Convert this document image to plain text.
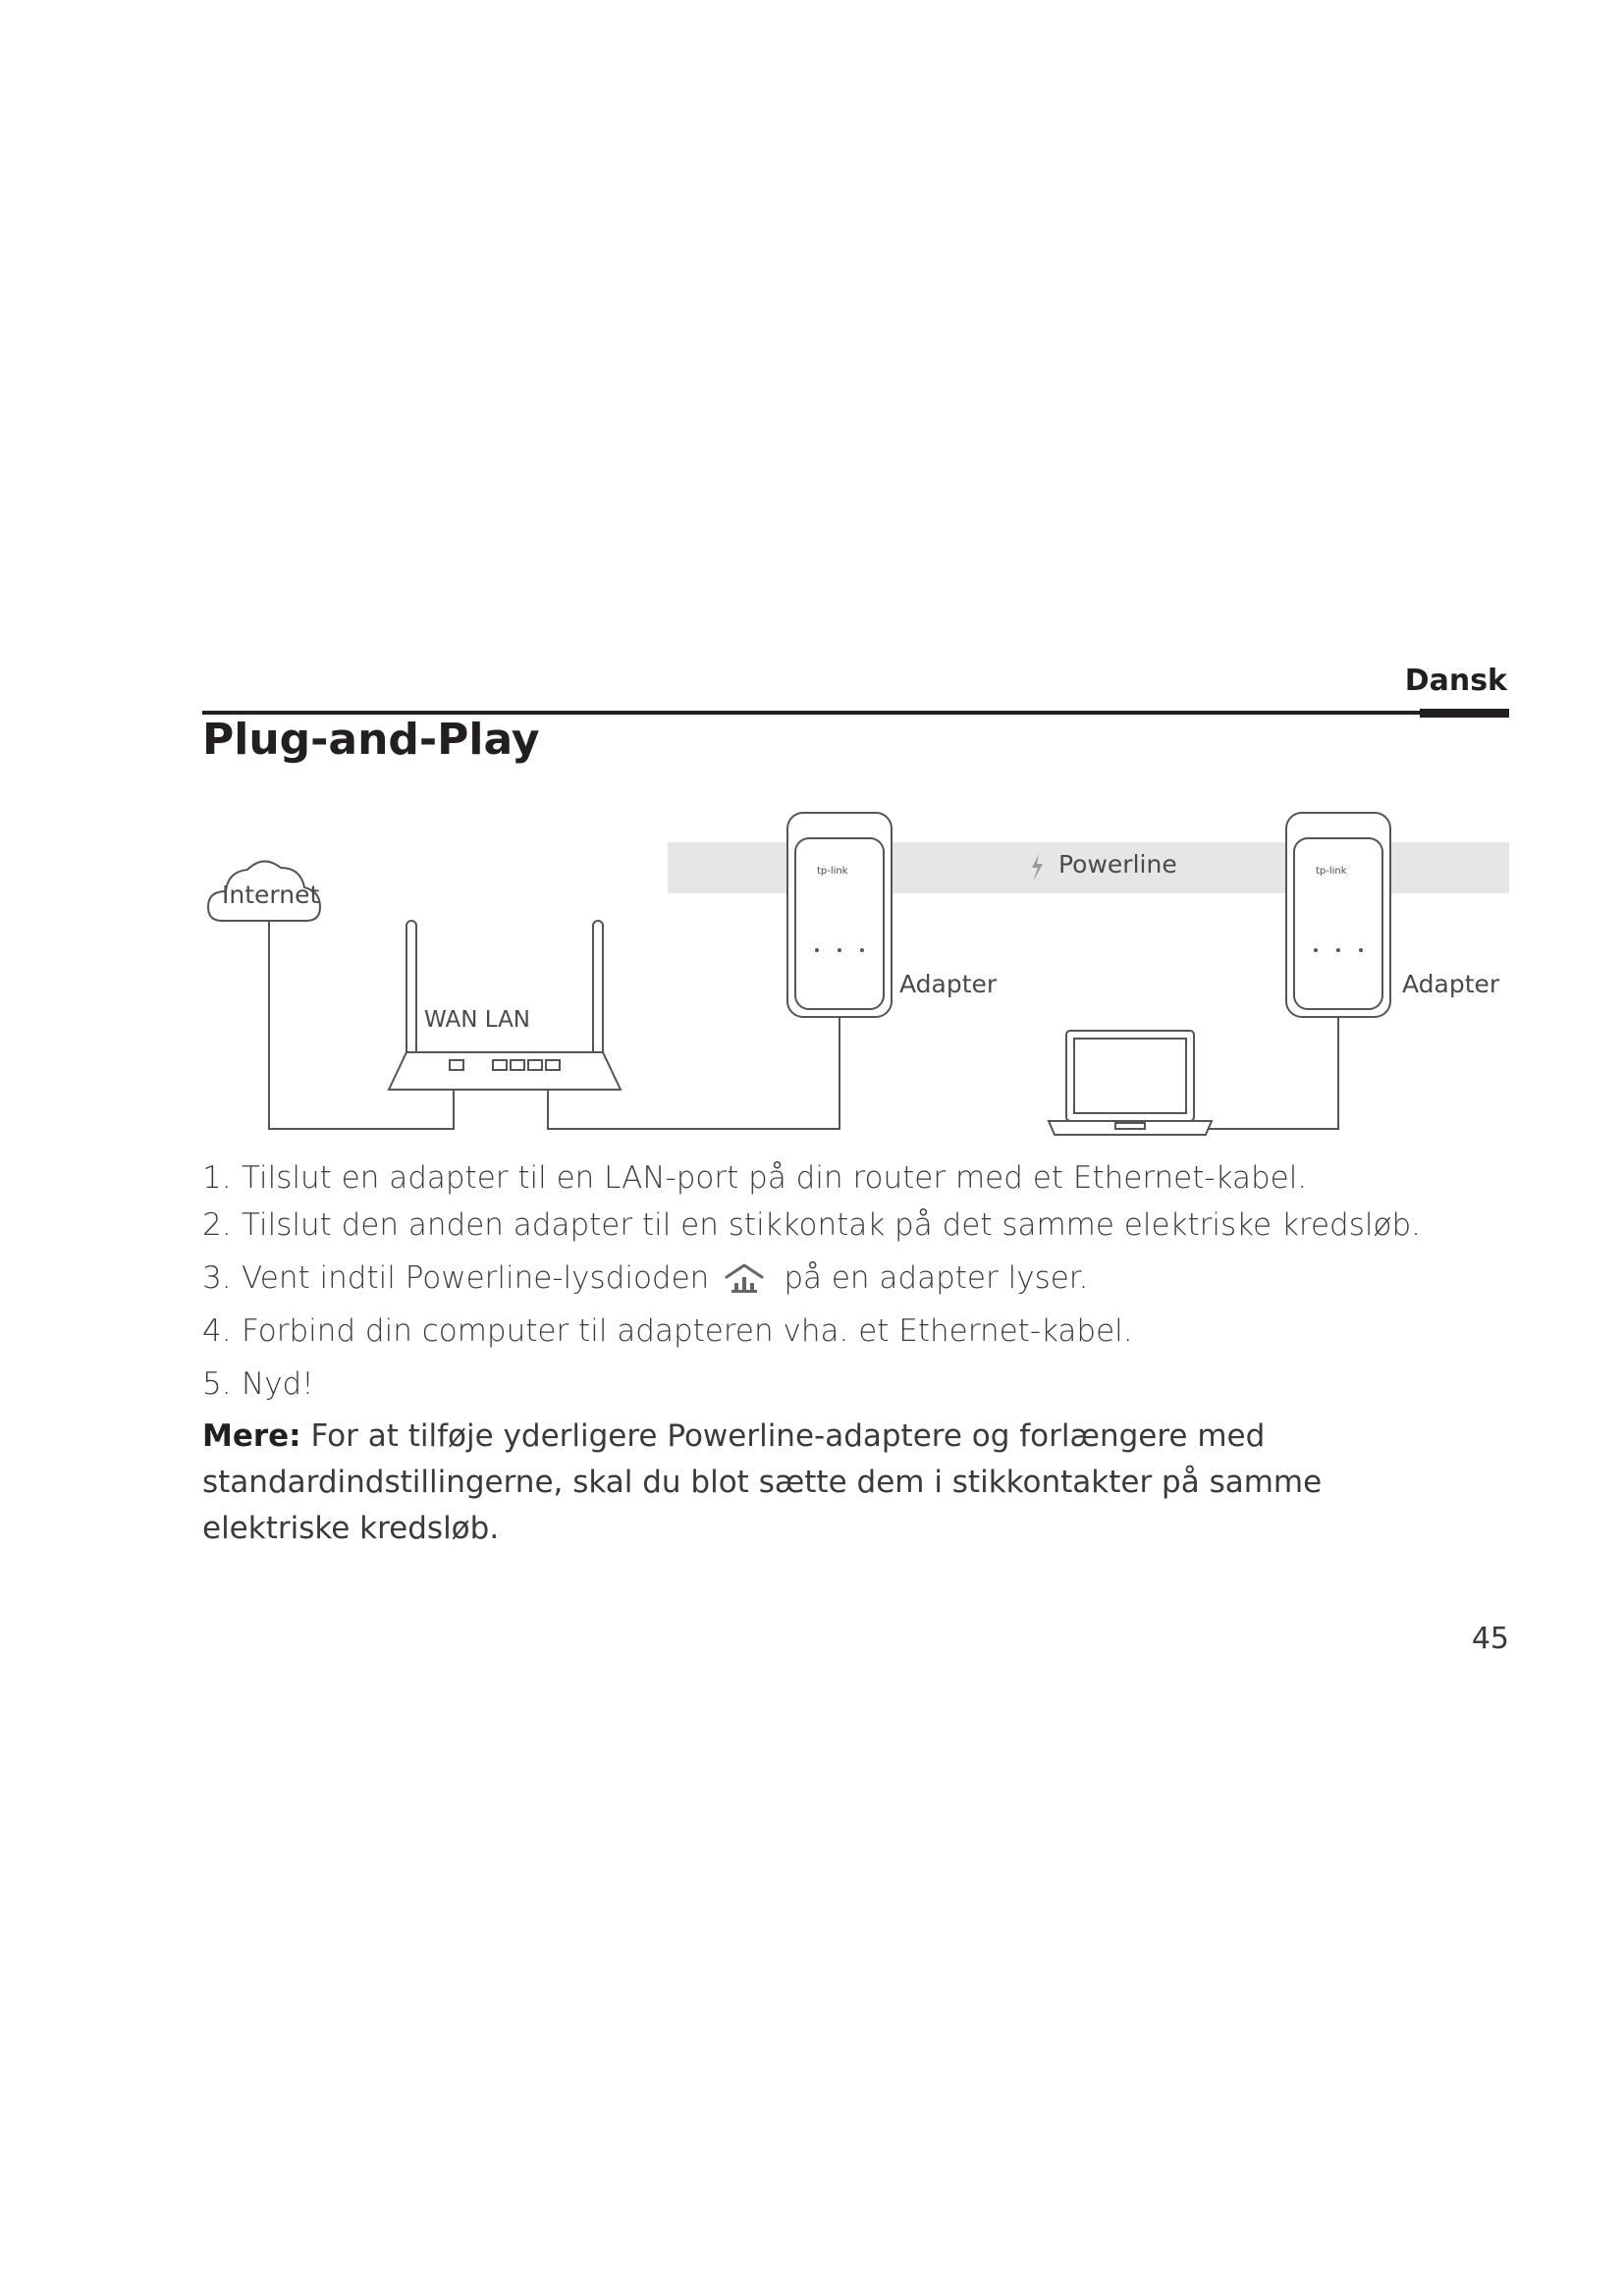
Dansk
Plug-and-Play
Powerline
Internet
WAN LAN
tp-link
Adapter
tp-link
Adapter
1. Tilslut en adapter til en LAN-port på din router med et Ethernet-kabel.
2. Tilslut den anden adapter til en stikkontak på det samme elektriske kredsløb.
3. Vent indtil Powerline-lysdioden på en adapter lyser.
4. Forbind din computer til adapteren vha. et Ethernet-kabel.
5. Nyd!

Mere: For at tilføje yderligere Powerline-adaptere og forlængere med standardindstillingerne, skal du blot sætte dem i stikkontakter på samme elektriske kredsløb.

45
